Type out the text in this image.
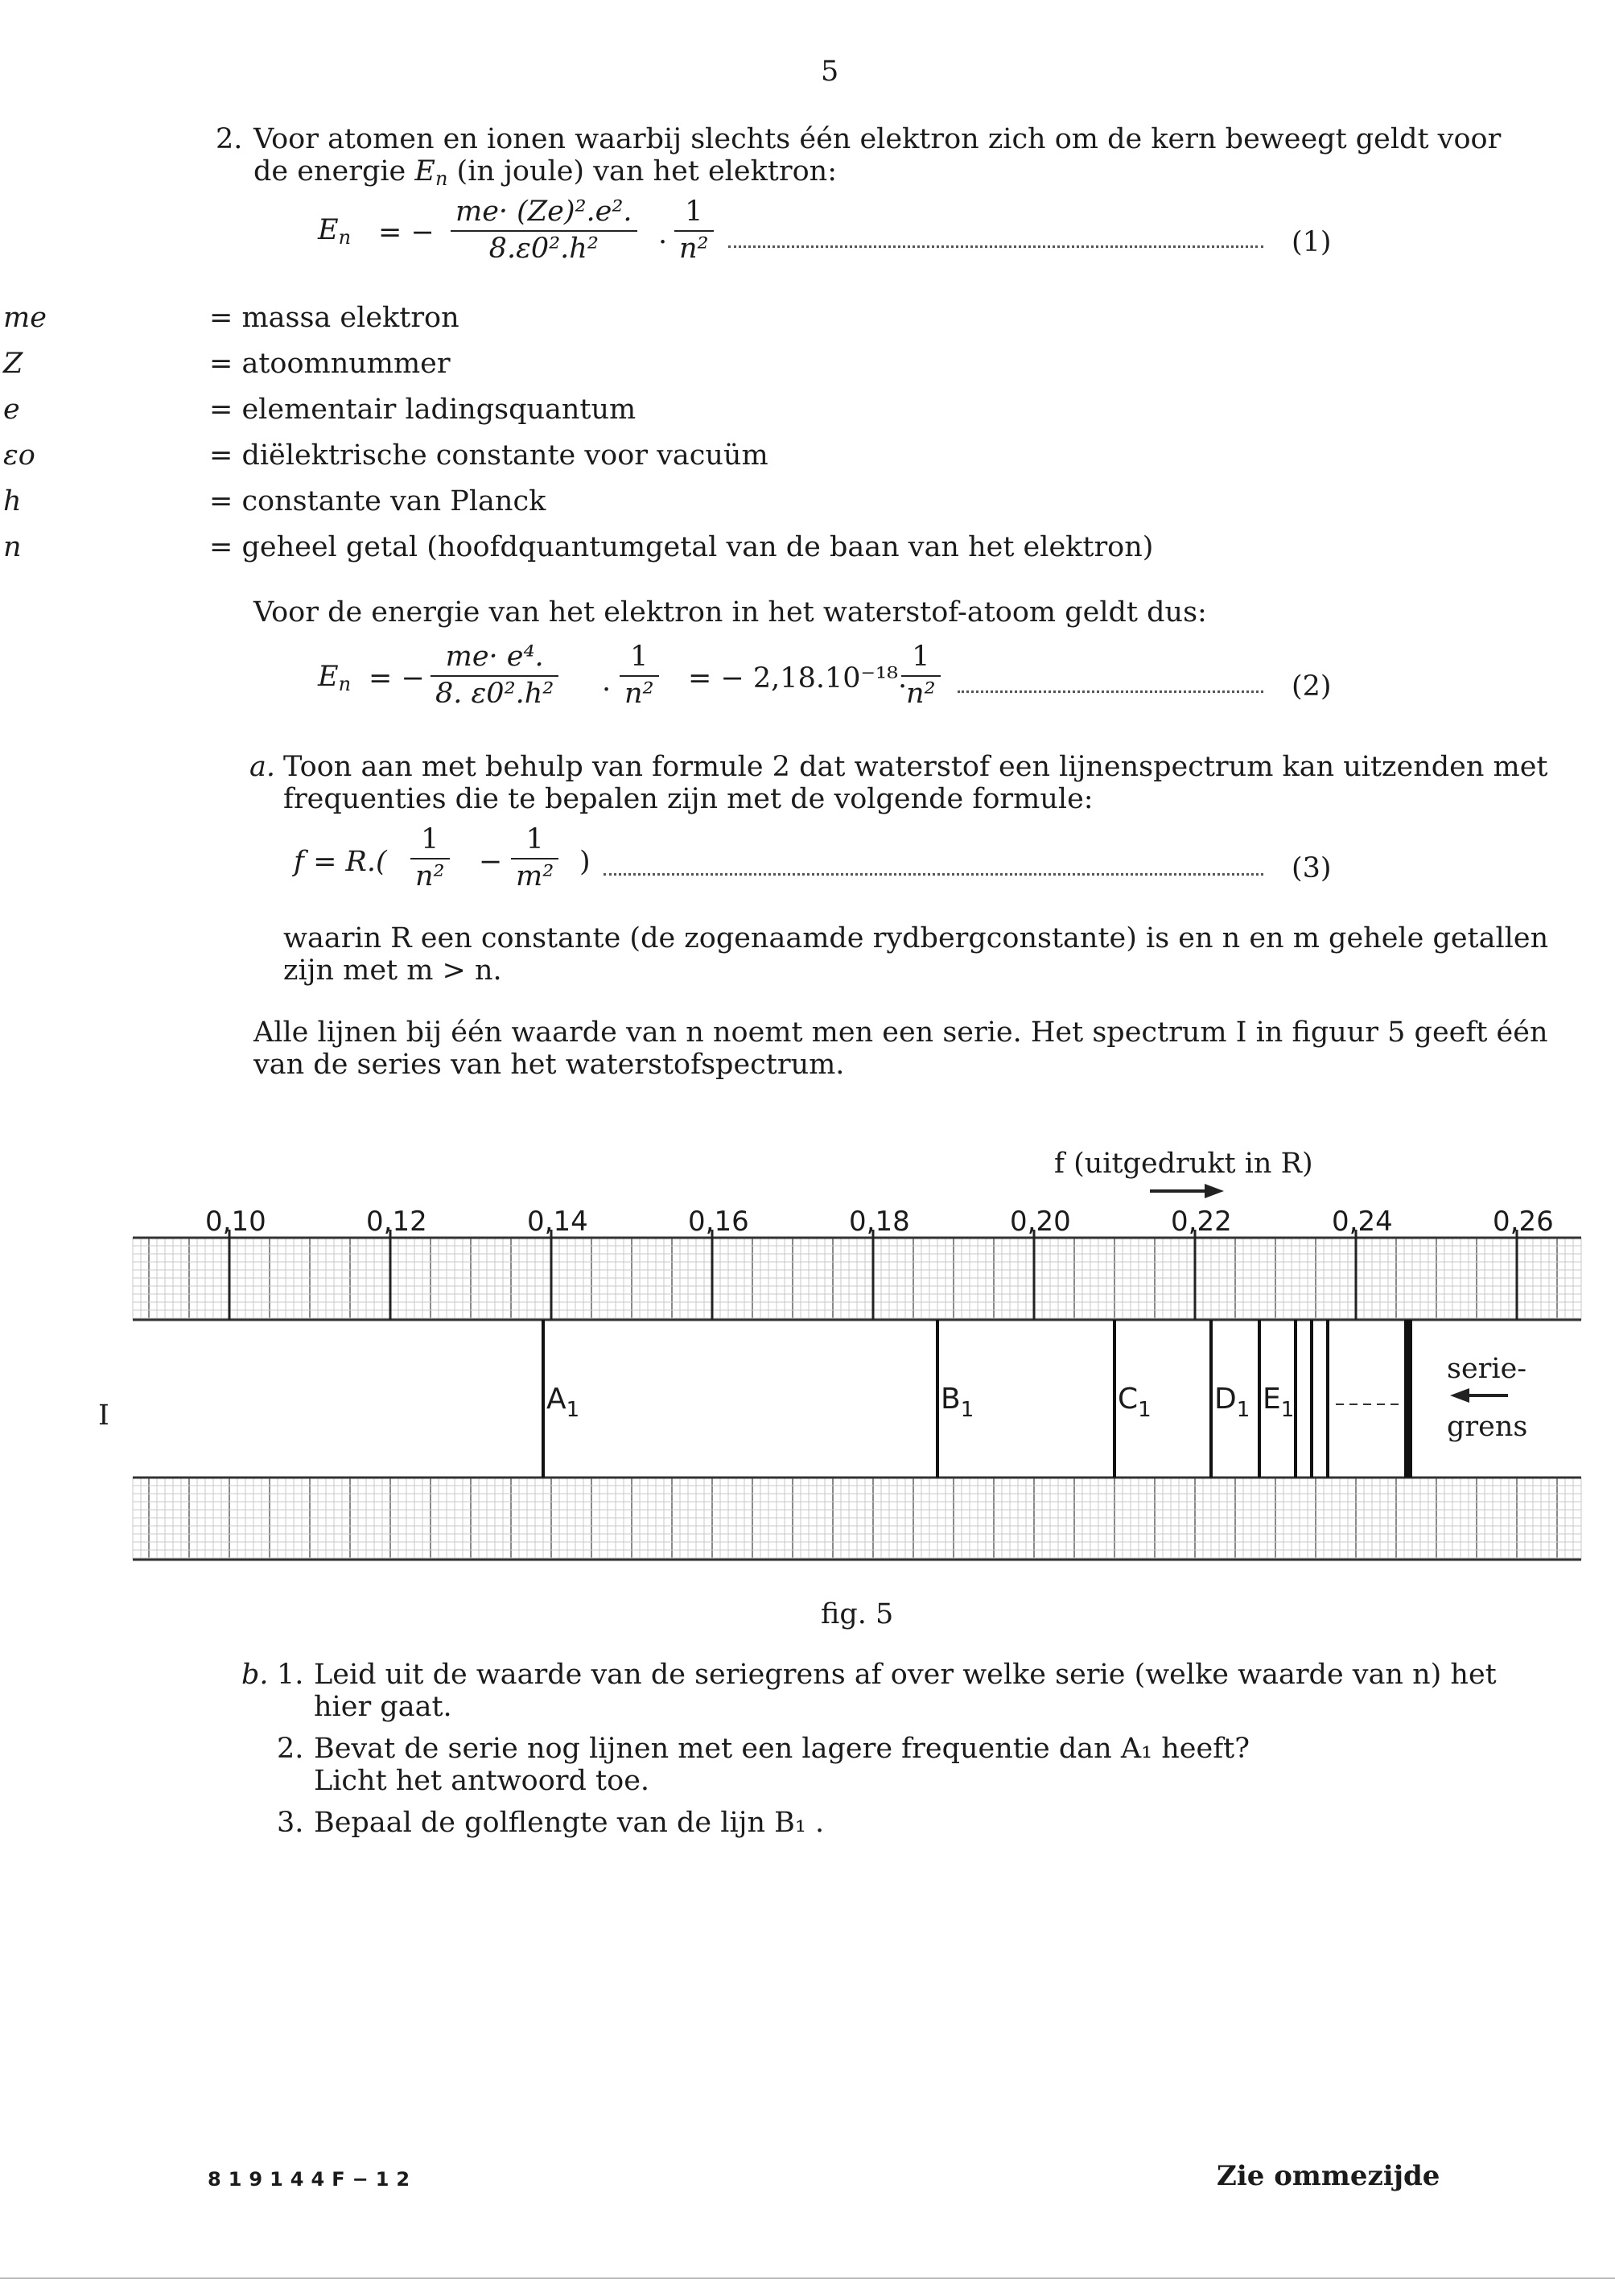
5
2. Voor atomen en ionen waarbij slechts één elektron zich om de kern beweegt geldt voor
de energie $E_n$ (in joule) van het elektron:
$E_n$ = − $\frac{\text{me· (Ze)².e².}}{\text{8.ε0².h²}}$ . $\frac{1}{\text{n²}}$	(1)
me	= massa elektron
Z	= atoomnummer
e	= elementair ladingsquantum
εo	= diëlektrische constante voor vacuüm
h	= constante van Planck
n	= geheel getal (hoofdquantumgetal van de baan van het elektron)
Voor de energie van het elektron in het waterstof-atoom geldt dus:
$E_n$ = − $\frac{\text{me· e⁴.}}{\text{8. ε0².h²}}$ . $\frac{1}{\text{n²}}$ = − 2,18.10⁻¹⁸.
$\frac{1}{\text{n²}}$	(2)
a. Toon aan met behulp van formule 2 dat waterstof een lijnenspectrum kan uitzenden met
frequenties die te bepalen zijn met de volgende formule:
$f = R.( \frac{1}{\text{n²}} - \frac{1}{\text{m²}}$ )	(3)
waarin R een constante (de zogenaamde rydbergconstante) is en n en m gehele getallen
zijn met m > n.
Alle lijnen bij één waarde van n noemt men een serie. Het spectrum I in figuur 5 geeft één
van de series van het waterstofspectrum.
f (uitgedrukt in R)
0,10	0,12	0,14	0,16	0,18	0,20	0,22	0,24	0,26
I	$A_1$	$B_1$	$C_1$ $D_1$ $E_1$
serie-
grens
fig. 5
b. 1. Leid uit de waarde van de seriegrens af over welke serie (welke waarde van n) het
hier gaat.
2. Bevat de serie nog lijnen met een lagere frequentie dan A₁ heeft?
Licht het antwoord toe.
3. Bepaal de golflengte van de lijn B₁ .
819144F−12	Zie ommezijde
